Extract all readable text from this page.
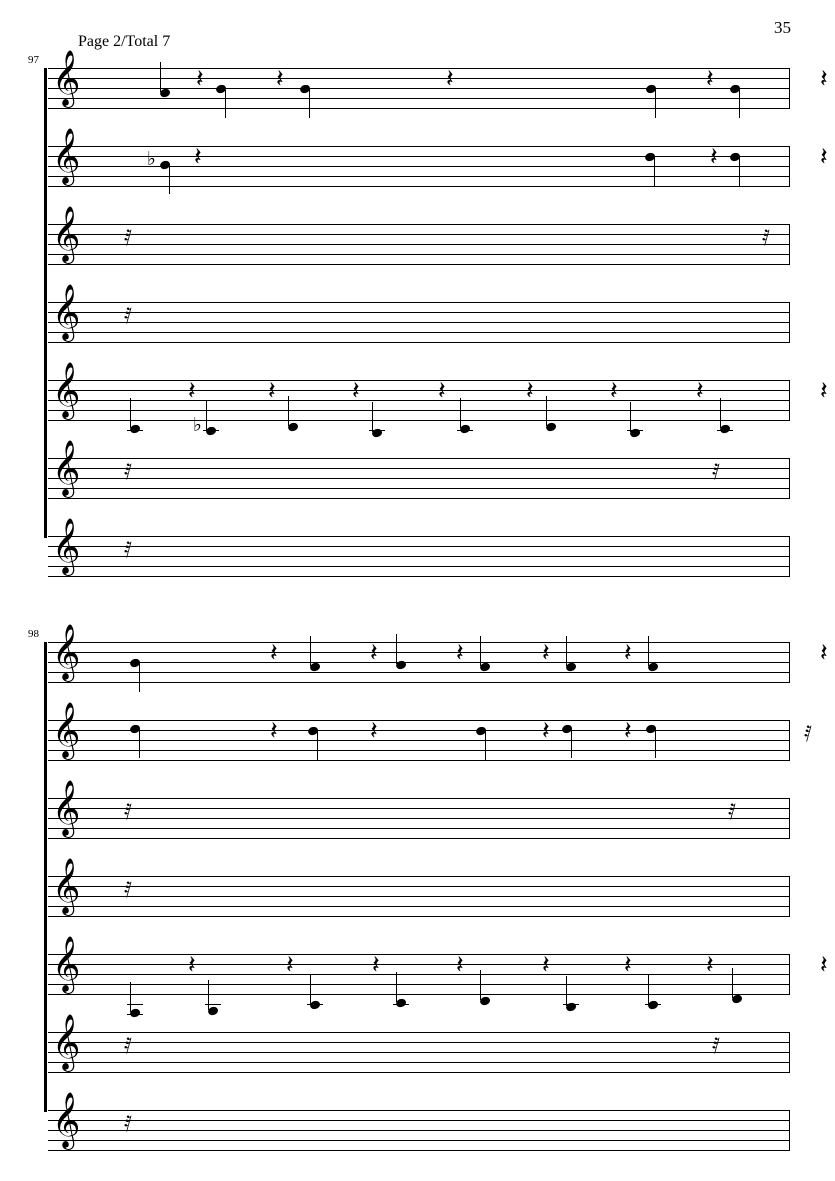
35
Page 2/Total 7
97
98
𝄞	𝄽	𝄽	𝄽	𝄽	𝄽
𝄞	♭ 𝄽	𝄽	𝄽
𝄞 𝅀	𝅀
𝄞 𝅀
𝄞	𝄽
♭
𝄽	𝄽	𝄽	𝄽	𝄽	𝄽	𝄽
𝄞 𝅀	𝅀
𝄞 𝅀
𝄞	𝄽	𝄽	𝄽	𝄽	𝄽	𝄽
𝄞	𝄽	𝄽	𝄽	𝄽	𝅀
𝄞 𝅀	𝅀
𝄞 𝅀
𝄞	𝄽	𝄽	𝄽	𝄽	𝄽	𝄽	𝄽	𝄽
𝄞 𝅀	𝅀
𝄞 𝅀
